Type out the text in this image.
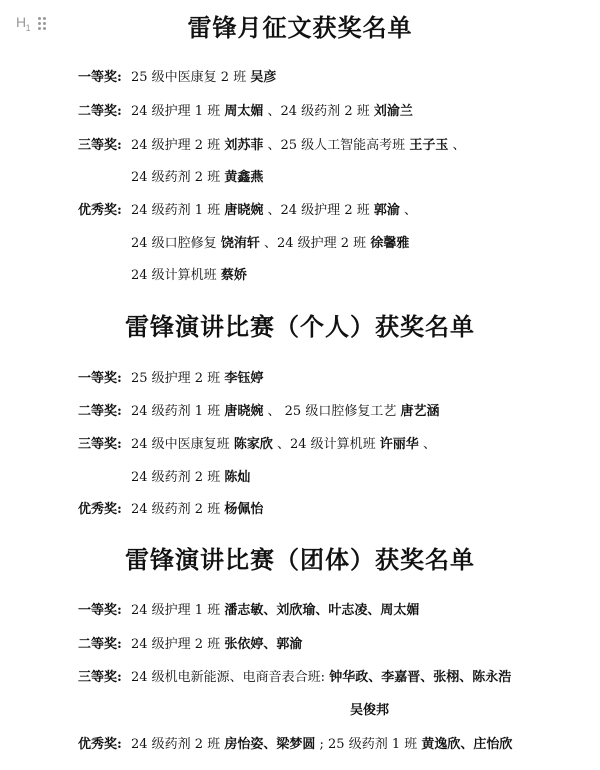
$H_1$	雷锋月征文获奖名单
一等奖: 25 级中医康复 2 班 吴彦
二等奖: 24 级护理 1 班 周太媚 、24 级药剂 2 班 刘渝兰
三等奖: 24 级护理 2 班 刘苏菲 、25 级人工智能高考班 王子玉 、
24 级药剂 2 班 黄鑫燕
优秀奖: 24 级药剂 1 班 唐晓婉 、24 级护理 2 班 郭渝 、
24 级口腔修复 饶洧轩 、24 级护理 2 班 徐馨雅
24 级计算机班 蔡娇
雷锋演讲比赛（个人）获奖名单
一等奖: 25 级护理 2 班 李钰婷
二等奖: 24 级药剂 1 班 唐晓婉 、 25 级口腔修复工艺 唐艺涵
三等奖: 24 级中医康复班 陈家欣 、24 级计算机班 许丽华 、
24 级药剂 2 班 陈灿
优秀奖: 24 级药剂 2 班 杨佩怡
雷锋演讲比赛（团体）获奖名单
一等奖: 24 级护理 1 班 潘志敏、刘欣瑜、叶志凌、周太媚
二等奖: 24 级护理 2 班 张依婷、郭渝
三等奖: 24 级机电新能源、电商音表合班: 钟华政、李嘉晋、张栩、陈永浩
吴俊邦
优秀奖: 24 级药剂 2 班 房怡姿、梁梦圆 ; 25 级药剂 1 班 黄逸欣、庄怡欣
